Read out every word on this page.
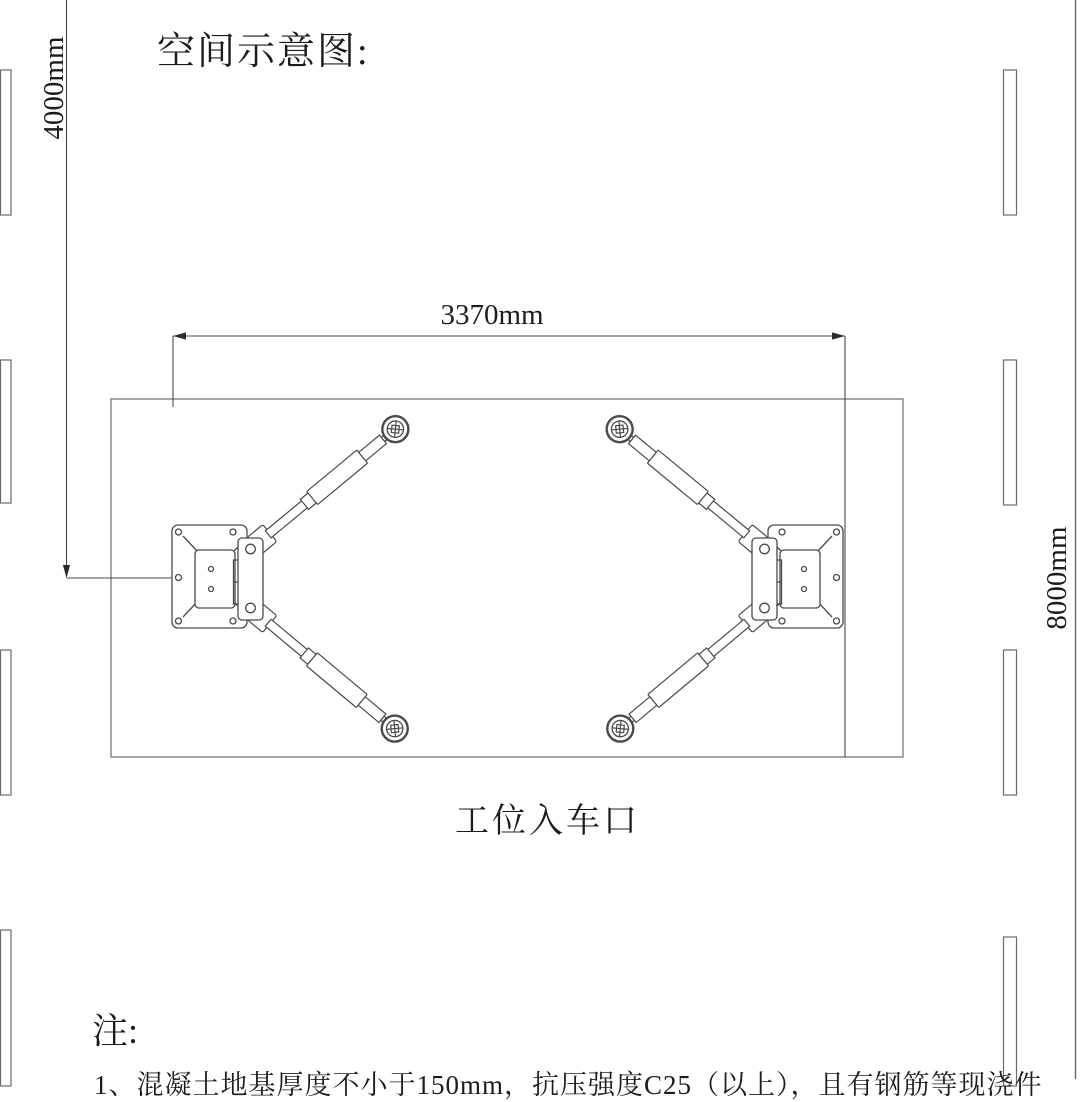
空间示意图:
3370mm
4000mm
8000mm
工位入车口
注:
1、混凝土地基厚度不小于150mm，抗压强度C25（以上），且有钢筋等现浇件
